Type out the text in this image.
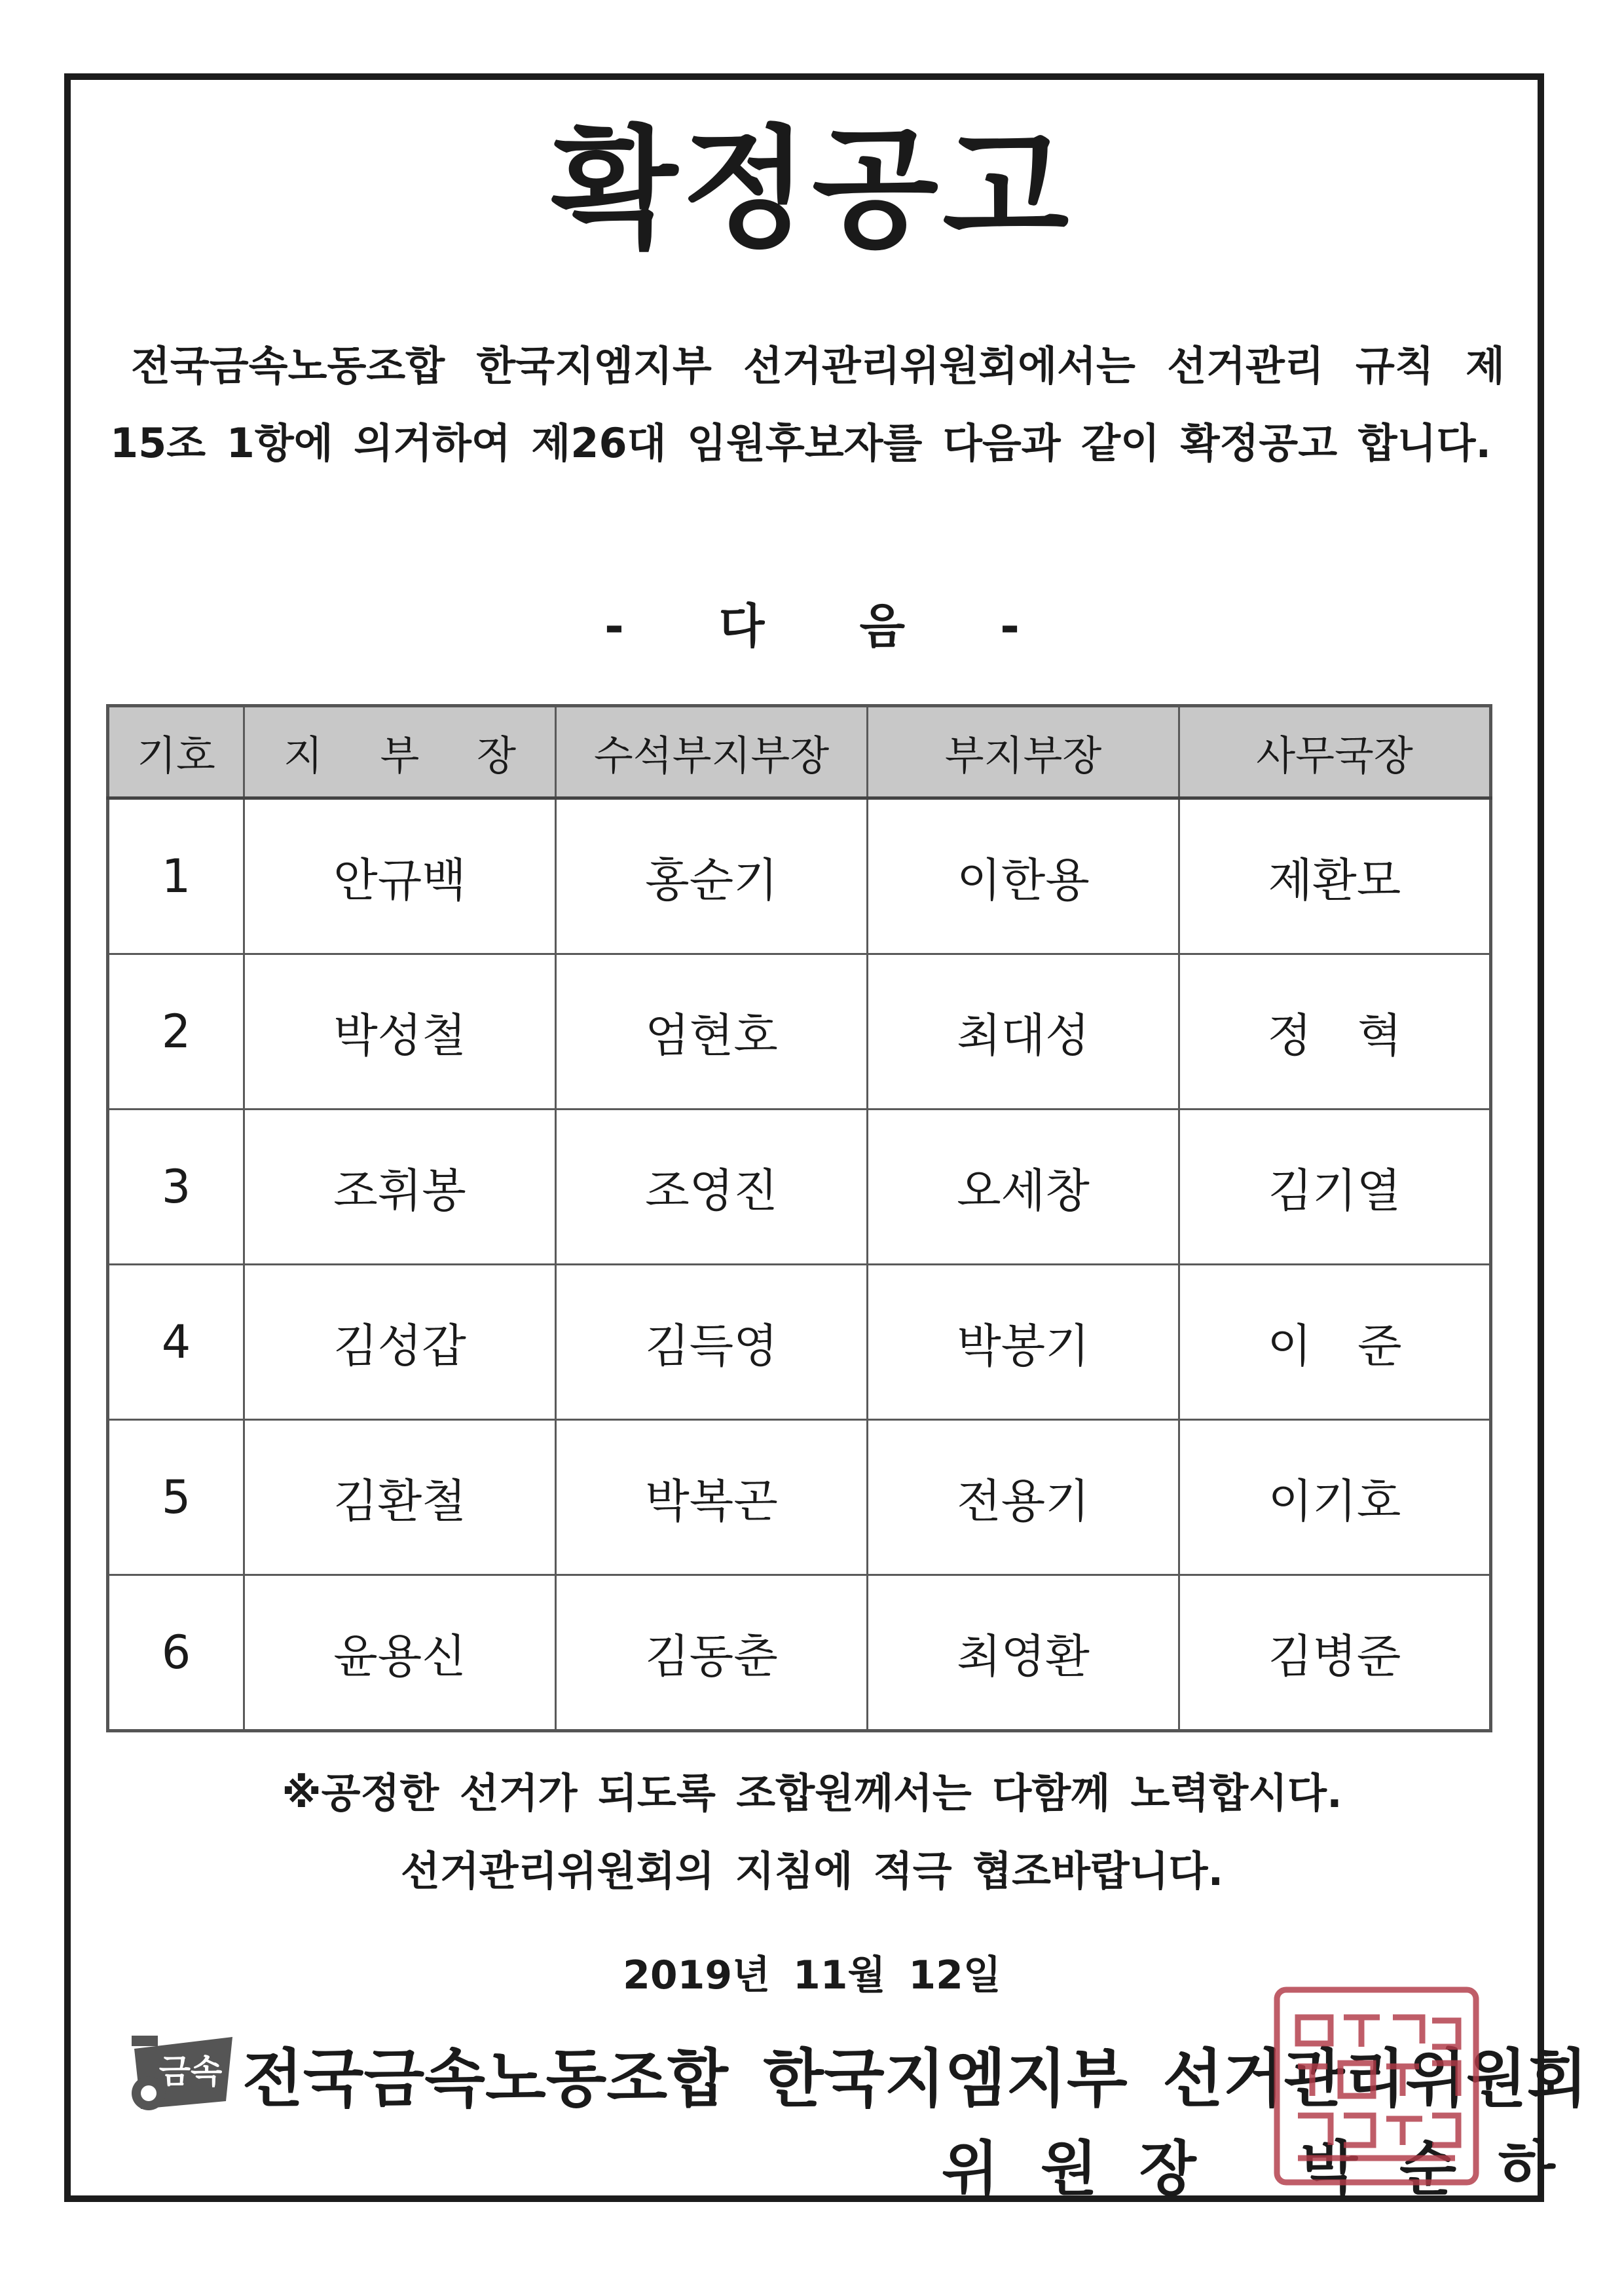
확정공고
전국금속노동조합 한국지엠지부 선거관리위원회에서는 선거관리 규칙 제15조 1항에 의거하여 제26대 임원후보자를 다음과 같이 확정공고 합니다.
- 다 음 -
기호	지 부 장	수석부지부장	부지부장	사무국장
1	안규백	홍순기	이한용	제환모
2	박성철	엄현호	최대성	정혁
3	조휘봉	조영진	오세창	김기열
4	김성갑	김득영	박봉기	이준
5	김환철	박복곤	전용기	이기호
6	윤용신	김동춘	최영환	김병준
※공정한 선거가 되도록 조합원께서는 다함께 노력합시다.
선거관리위원회의 지침에 적극 협조바랍니다.
2019년 11월 12일
금속 전국금속노동조합 한국지엠지부 선거관리위원회
위원장 박순하
